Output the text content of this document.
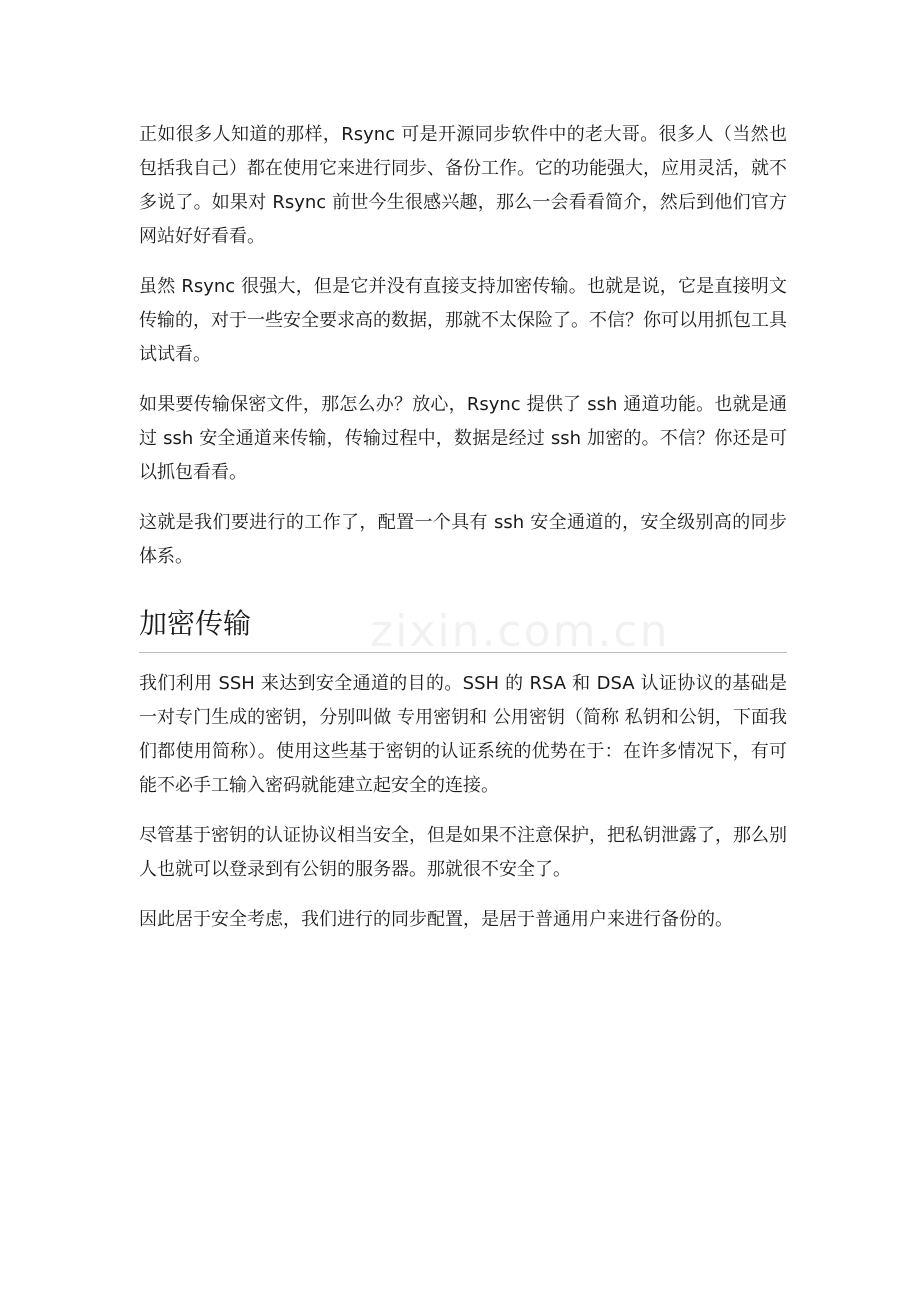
正如很多人知道的那样，Rsync 可是开源同步软件中的老大哥。很多人（当然也包括我自己）都在使用它来进行同步、备份工作。它的功能强大，应用灵活，就不多说了。如果对 Rsync 前世今生很感兴趣，那么一会看看简介，然后到他们官方网站好好看看。

虽然 Rsync 很强大，但是它并没有直接支持加密传输。也就是说，它是直接明文传输的，对于一些安全要求高的数据，那就不太保险了。不信？你可以用抓包工具试试看。

如果要传输保密文件，那怎么办？放心，Rsync 提供了 ssh 通道功能。也就是通过 ssh 安全通道来传输，传输过程中，数据是经过 ssh 加密的。不信？你还是可以抓包看看。

这就是我们要进行的工作了，配置一个具有 ssh 安全通道的，安全级别高的同步体系。

加密传输

我们利用 SSH 来达到安全通道的目的。SSH 的 RSA 和 DSA 认证协议的基础是一对专门生成的密钥，分别叫做 专用密钥和 公用密钥（简称 私钥和公钥，下面我们都使用简称）。使用这些基于密钥的认证系统的优势在于：在许多情况下，有可能不必手工输入密码就能建立起安全的连接。

尽管基于密钥的认证协议相当安全，但是如果不注意保护，把私钥泄露了，那么别人也就可以登录到有公钥的服务器。那就很不安全了。

因此居于安全考虑，我们进行的同步配置，是居于普通用户来进行备份的。

zixin.com.cn
